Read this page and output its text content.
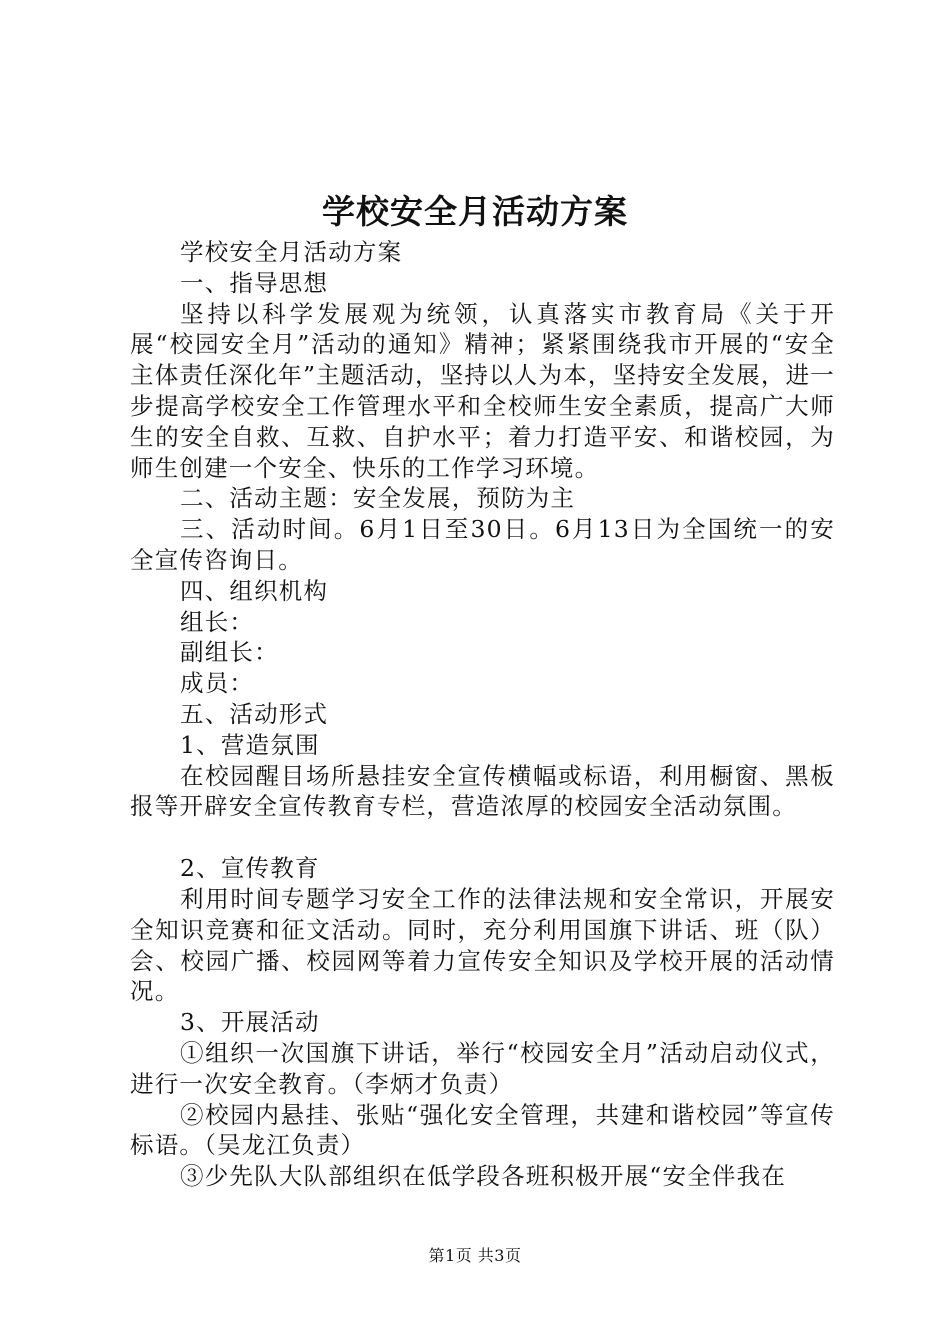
学校安全月活动方案

学校安全月活动方案

一、指导思想

坚持以科学发展观为统领，认真落实市教育局《关于开展“校园安全月”活动的通知》精神；紧紧围绕我市开展的“安全主体责任深化年”主题活动，坚持以人为本，坚持安全发展，进一步提高学校安全工作管理水平和全校师生安全素质，提高广大师生的安全自救、互救、自护水平；着力打造平安、和谐校园，为师生创建一个安全、快乐的工作学习环境。

二、活动主题：安全发展，预防为主

三、活动时间。6月1日至30日。6月13日为全国统一的安全宣传咨询日。

四、组织机构

组长：

副组长：

成员：

五、活动形式

1、营造氛围

在校园醒目场所悬挂安全宣传横幅或标语，利用橱窗、黑板报等开辟安全宣传教育专栏，营造浓厚的校园安全活动氛围。

2、宣传教育

利用时间专题学习安全工作的法律法规和安全常识，开展安全知识竞赛和征文活动。同时，充分利用国旗下讲话、班（队）会、校园广播、校园网等着力宣传安全知识及学校开展的活动情况。

3、开展活动

①组织一次国旗下讲话，举行“校园安全月”活动启动仪式，进行一次安全教育。（李炳才负责）

②校园内悬挂、张贴“强化安全管理，共建和谐校园”等宣传标语。（吴龙江负责）

③少先队大队部组织在低学段各班积极开展“安全伴我在

第1页 共3页
